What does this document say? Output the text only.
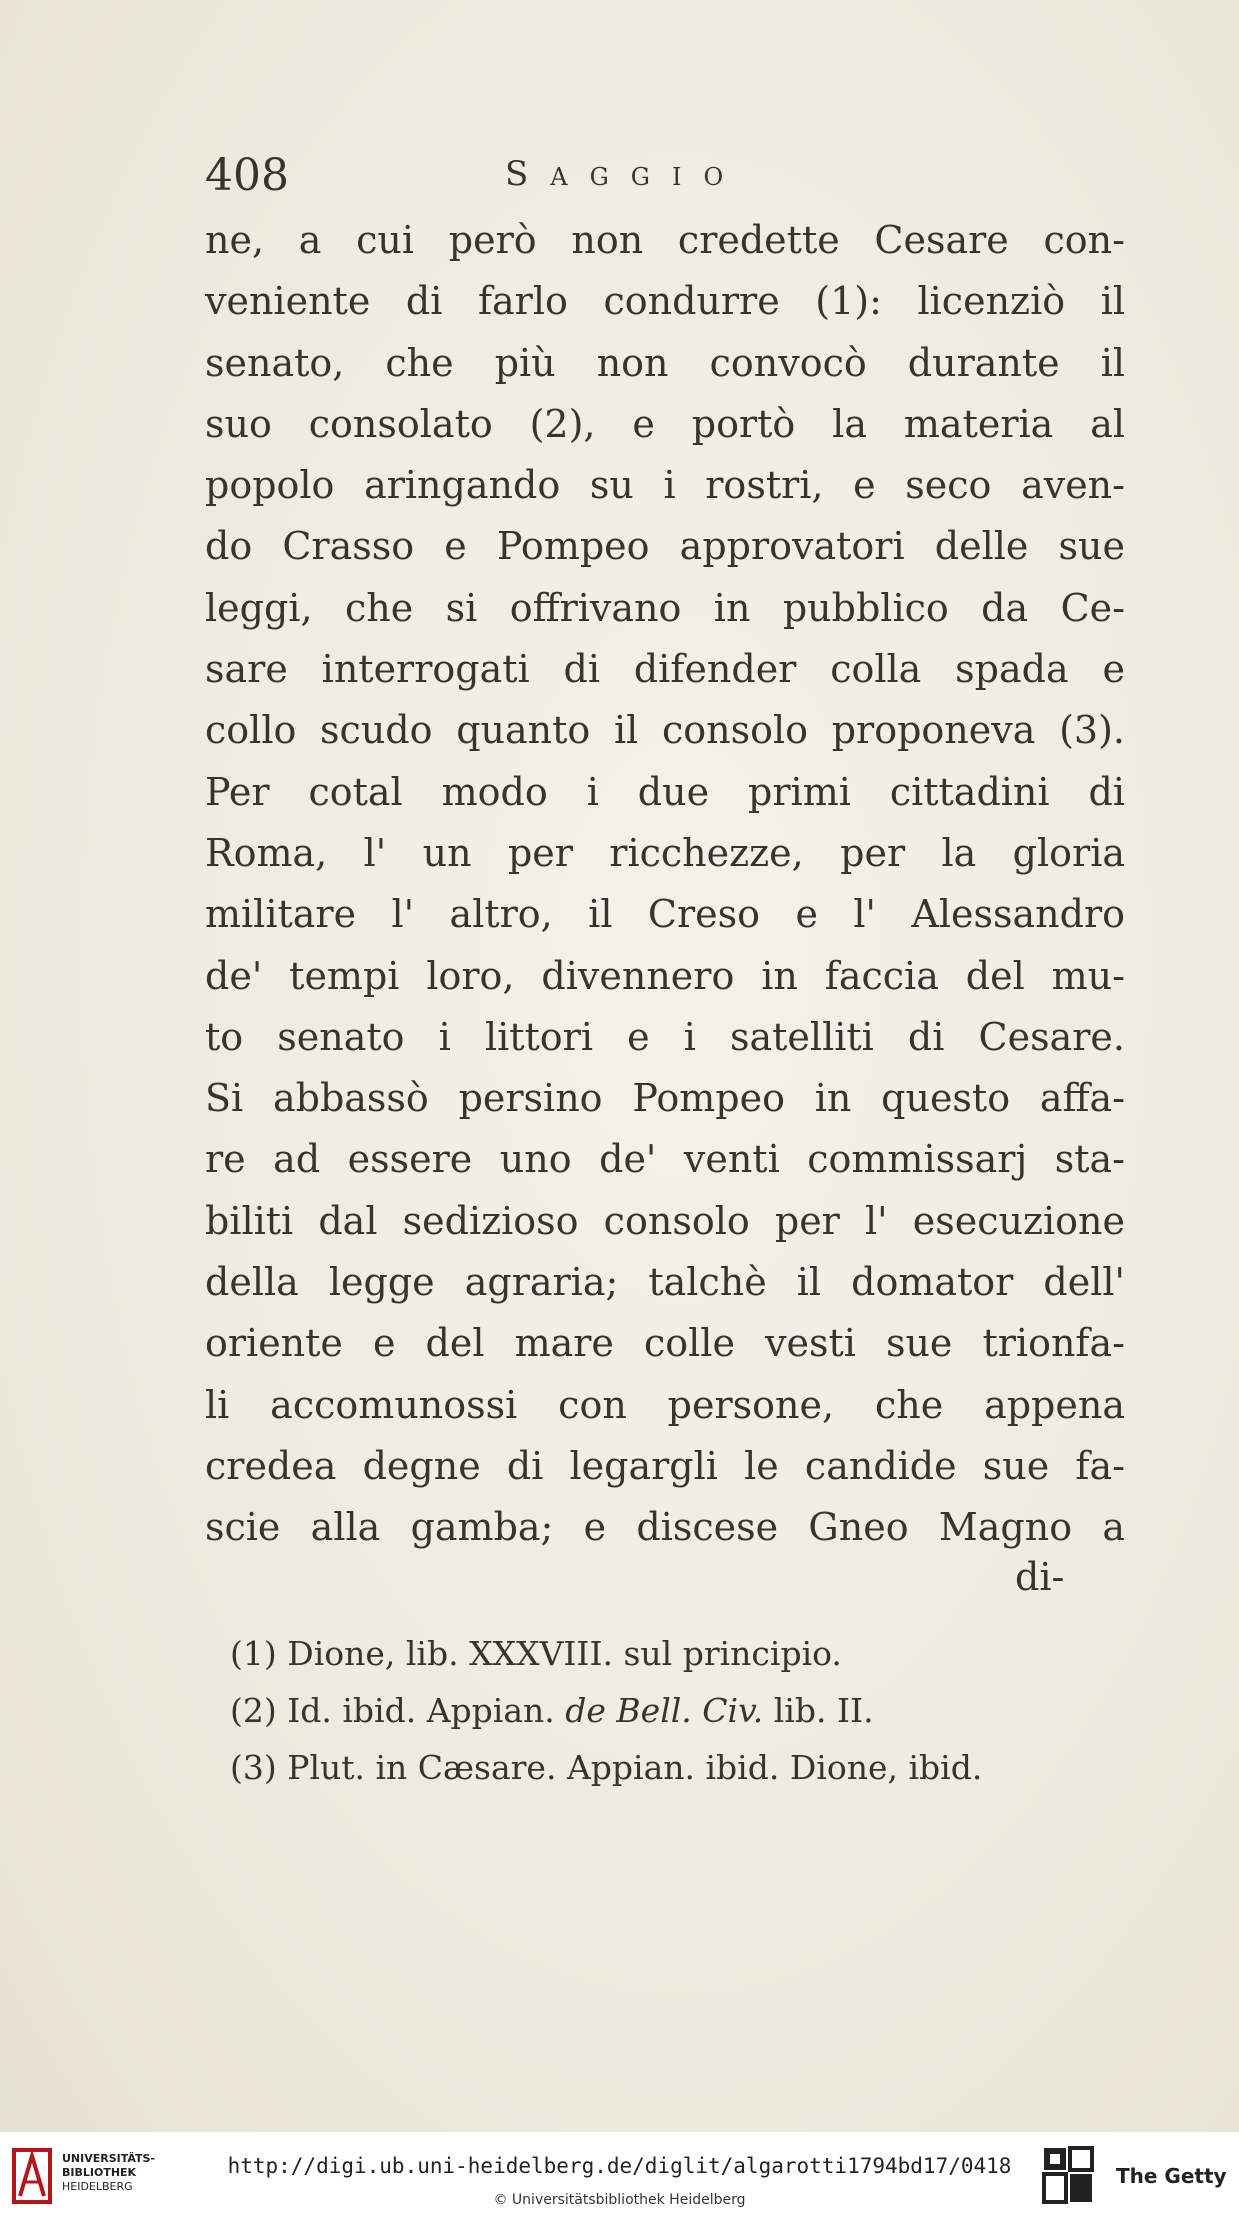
408	Saggio
ne, a cui però non credette Cesare con-
veniente di farlo condurre (1): licenziò il
senato, che più non convocò durante il
suo consolato (2), e portò la materia al
popolo aringando su i rostri, e seco aven-
do Crasso e Pompeo approvatori delle sue
leggi, che si offrivano in pubblico da Ce-
sare interrogati di difender colla spada e
collo scudo quanto il consolo proponeva (3).
Per cotal modo i due primi cittadini di
Roma, l' un per ricchezze, per la gloria
militare l' altro, il Creso e l' Alessandro
de' tempi loro, divennero in faccia del mu-
to senato i littori e i satelliti di Cesare.
Si abbassò persino Pompeo in questo affa-
re ad essere uno de' venti commissarj sta-
biliti dal sedizioso consolo per l' esecuzione
della legge agraria; talchè il domator dell'
oriente e del mare colle vesti sue trionfa-
li accomunossi con persone, che appena
credea degne di legargli le candide sue fa-
scie alla gamba; e discese Gneo Magno a
di-
(1) Dione, lib. XXXVIII. sul principio.
(2) Id. ibid. Appian. de Bell. Civ. lib. II.
(3) Plut. in Cæsare. Appian. ibid. Dione, ibid.
UNIVERSITÄTS-
BIBLIOTHEK
HEIDELBERG
http://digi.ub.uni-heidelberg.de/diglit/algarotti1794bd17/0418
© Universitätsbibliothek Heidelberg
The Getty
